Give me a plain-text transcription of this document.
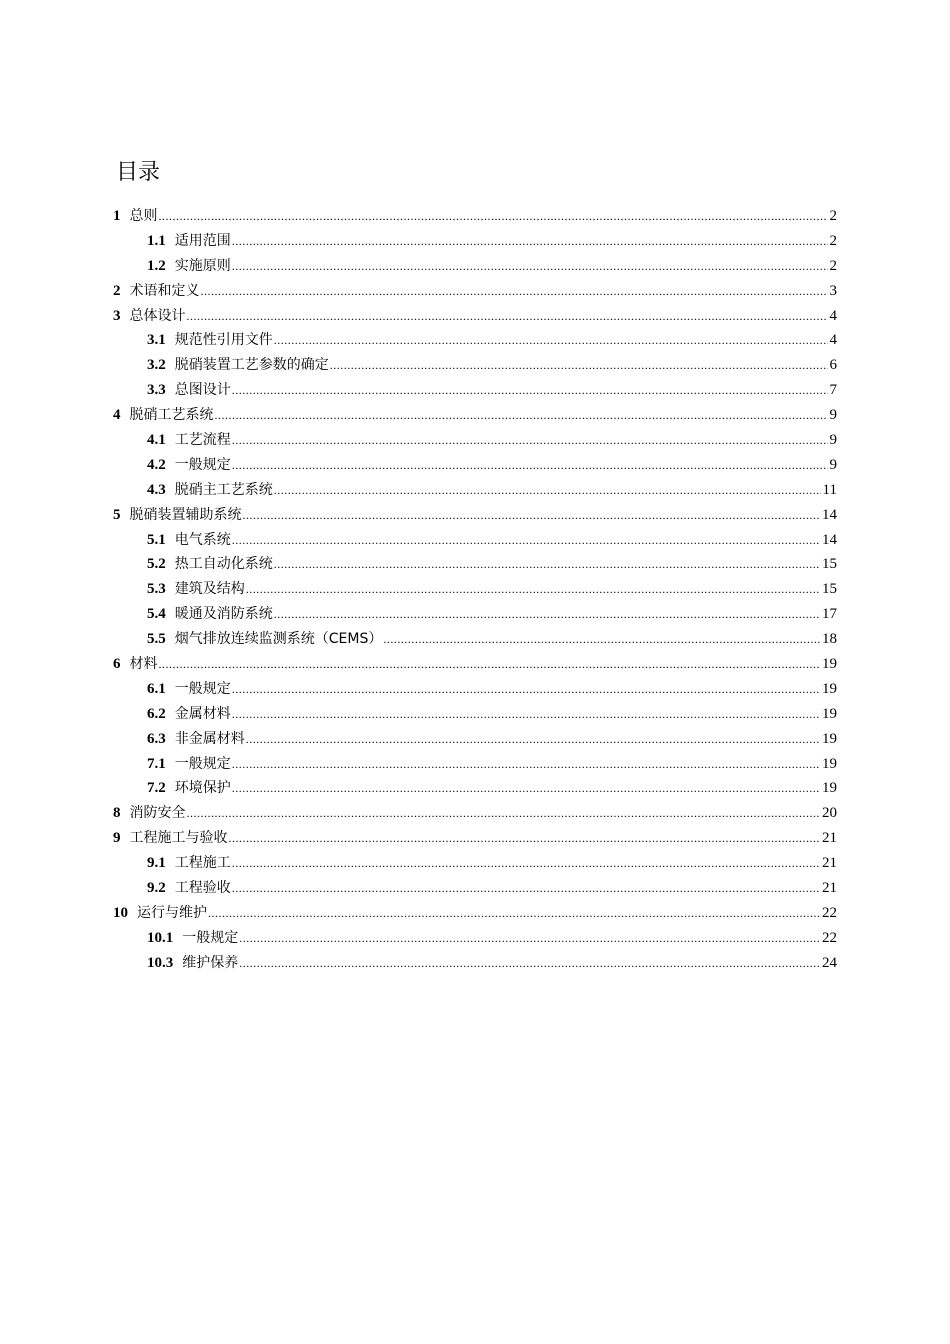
目录
1 总则 .....	2
1.1 适用范围 .....	2
1.2 实施原则 .....	2
2 术语和定义 .....	3
3 总体设计 .....	4
3.1 规范性引用文件 .....	4
3.2 脱硝装置工艺参数的确定 .....	6
3.3 总图设计 .....	7
4 脱硝工艺系统 .....	9
4.1 工艺流程 .....	9
4.2 一般规定 .....	9
4.3 脱硝主工艺系统 .....	11
5 脱硝装置辅助系统 .....	14
5.1 电气系统 .....	14
5.2 热工自动化系统 .....	15
5.3 建筑及结构 .....	15
5.4 暖通及消防系统 .....	17
5.5 烟气排放连续监测系统（CEMS） .....	18
6 材料 .....	19
6.1 一般规定 .....	19
6.2 金属材料 .....	19
6.3 非金属材料 .....	19
7.1 一般规定 .....	19
7.2 环境保护 .....	19
8 消防安全 .....	20
9 工程施工与验收 .....	21
9.1 工程施工 .....	21
9.2 工程验收 .....	21
10 运行与维护 .....	22
10.1 一般规定 .....	22
10.3 维护保养 .....	24
